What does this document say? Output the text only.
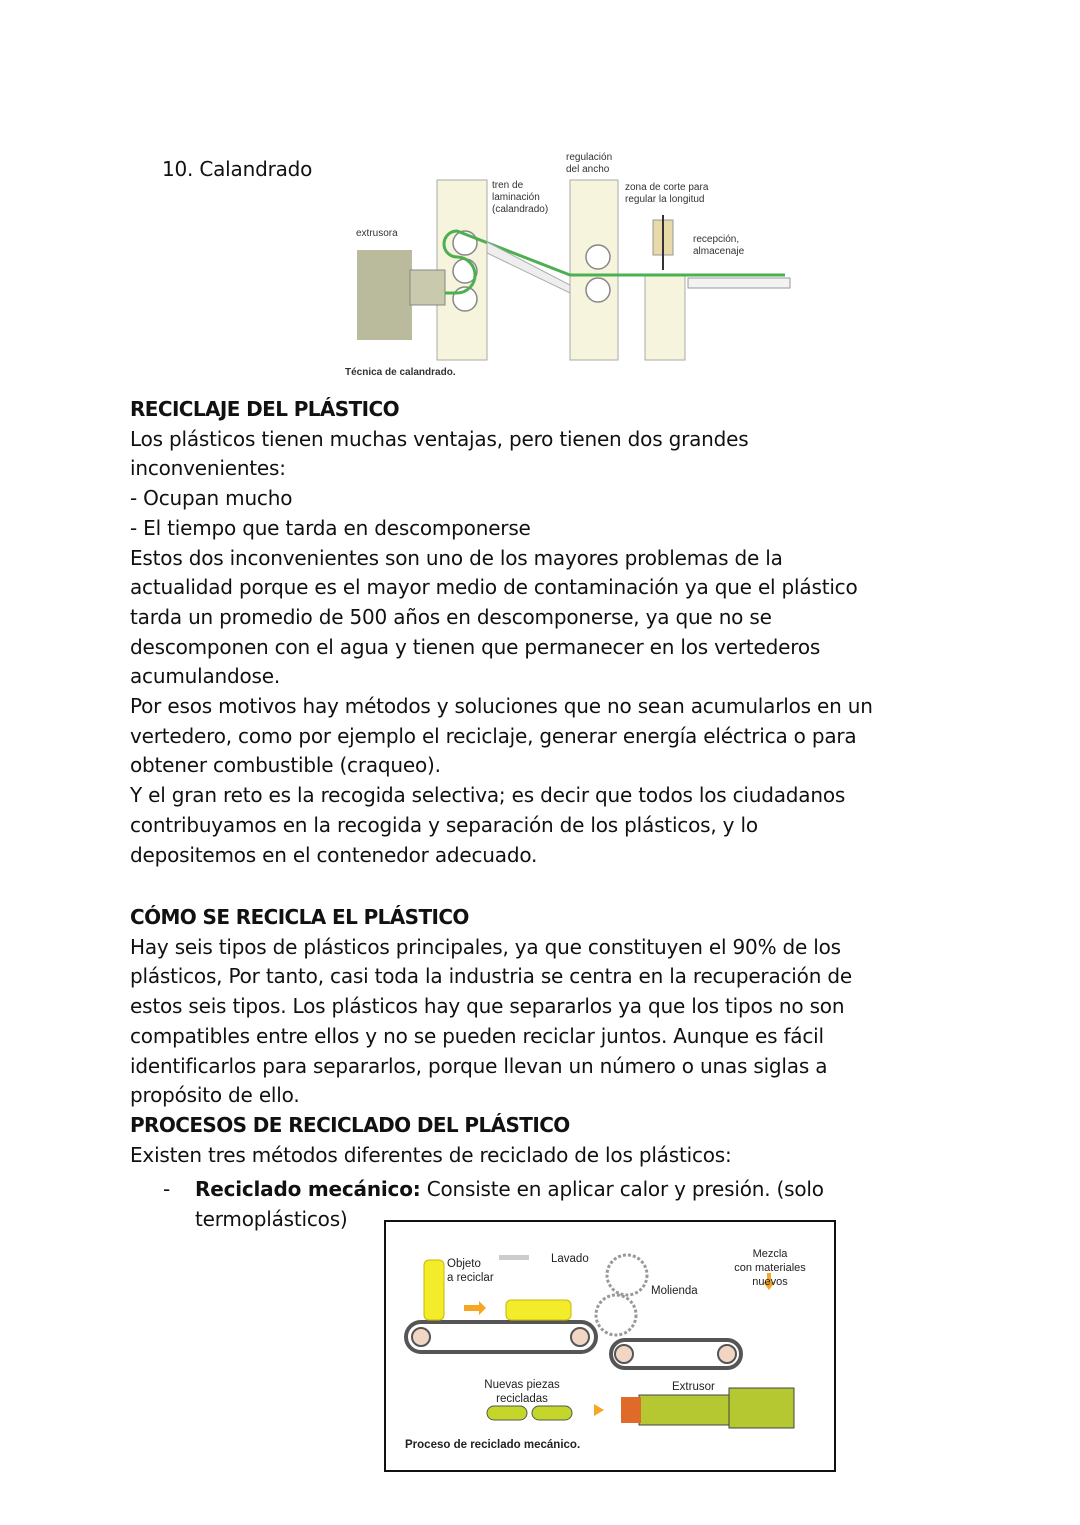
10. Calandrado	regulación
del ancho
tren de
laminación
(calandrado)
zona de corte para
regular la longitud
extrusora
recepción,
almacenaje
Técnica de calandrado.
RECICLAJE DEL PLÁSTICO
Los plásticos tienen muchas ventajas, pero tienen dos grandes
inconvenientes:
- Ocupan mucho
- El tiempo que tarda en descomponerse
Estos dos inconvenientes son uno de los mayores problemas de la
actualidad porque es el mayor medio de contaminación ya que el plástico
tarda un promedio de 500 años en descomponerse, ya que no se
descomponen con el agua y tienen que permanecer en los vertederos
acumulandose.
Por esos motivos hay métodos y soluciones que no sean acumularlos en un
vertedero, como por ejemplo el reciclaje, generar energía eléctrica o para
obtener combustible (craqueo).
Y el gran reto es la recogida selectiva; es decir que todos los ciudadanos
contribuyamos en la recogida y separación de los plásticos, y lo
depositemos en el contenedor adecuado.
CÓMO SE RECICLA EL PLÁSTICO
Hay seis tipos de plásticos principales, ya que constituyen el 90% de los
plásticos, Por tanto, casi toda la industria se centra en la recuperación de
estos seis tipos. Los plásticos hay que separarlos ya que los tipos no son
compatibles entre ellos y no se pueden reciclar juntos. Aunque es fácil
identificarlos para separarlos, porque llevan un número o unas siglas a
propósito de ello.
PROCESOS DE RECICLADO DEL PLÁSTICO
Existen tres métodos diferentes de reciclado de los plásticos:
- Reciclado mecánico: Consiste en aplicar calor y presión. (solo
termoplásticos)
Objeto
a reciclar
Lavado
Molienda
Mezcla
con materiales
nuevos
Nuevas piezas
recicladas
Extrusor
Proceso de reciclado mecánico.
